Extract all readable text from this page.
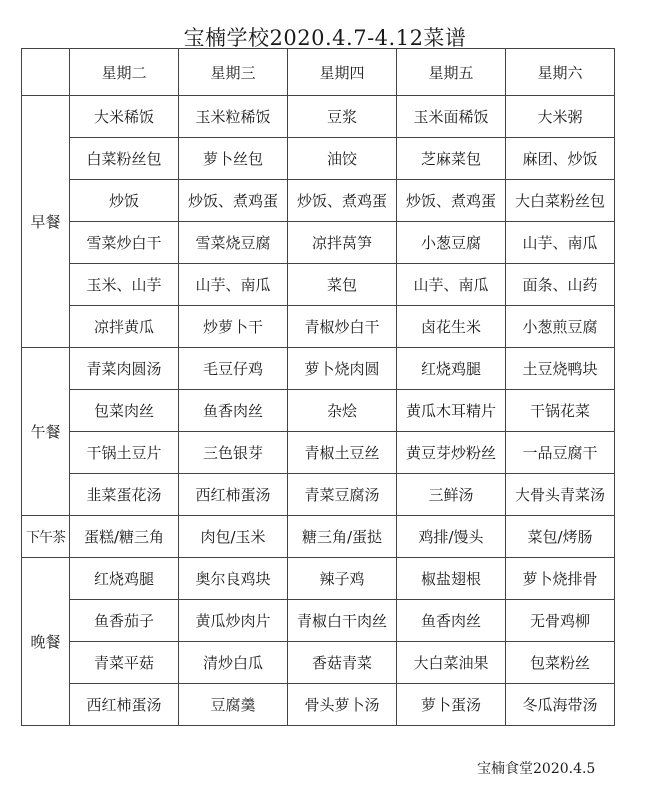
宝楠学校2020.4.7-4.12菜谱
	星期二	星期三	星期四	星期五	星期六
早餐	大米稀饭	玉米粒稀饭	豆浆	玉米面稀饭	大米粥
	白菜粉丝包	萝卜丝包	油饺	芝麻菜包	麻团、炒饭
	炒饭	炒饭、煮鸡蛋	炒饭、煮鸡蛋	炒饭、煮鸡蛋	大白菜粉丝包
	雪菜炒白干	雪菜烧豆腐	凉拌莴笋	小葱豆腐	山芋、南瓜
	玉米、山芋	山芋、南瓜	菜包	山芋、南瓜	面条、山药
	凉拌黄瓜	炒萝卜干	青椒炒白干	卤花生米	小葱煎豆腐
午餐	青菜肉圆汤	毛豆仔鸡	萝卜烧肉圆	红烧鸡腿	土豆烧鸭块
	包菜肉丝	鱼香肉丝	杂烩	黄瓜木耳精片	干锅花菜
	干锅土豆片	三色银芽	青椒土豆丝	黄豆芽炒粉丝	一品豆腐干
	韭菜蛋花汤	西红柿蛋汤	青菜豆腐汤	三鲜汤	大骨头青菜汤
下午茶	蛋糕/糖三角	肉包/玉米	糖三角/蛋挞	鸡排/馒头	菜包/烤肠
晚餐	红烧鸡腿	奥尔良鸡块	辣子鸡	椒盐翅根	萝卜烧排骨
	鱼香茄子	黄瓜炒肉片	青椒白干肉丝	鱼香肉丝	无骨鸡柳
	青菜平菇	清炒白瓜	香菇青菜	大白菜油果	包菜粉丝
	西红柿蛋汤	豆腐羹	骨头萝卜汤	萝卜蛋汤	冬瓜海带汤
宝楠食堂2020.4.5
